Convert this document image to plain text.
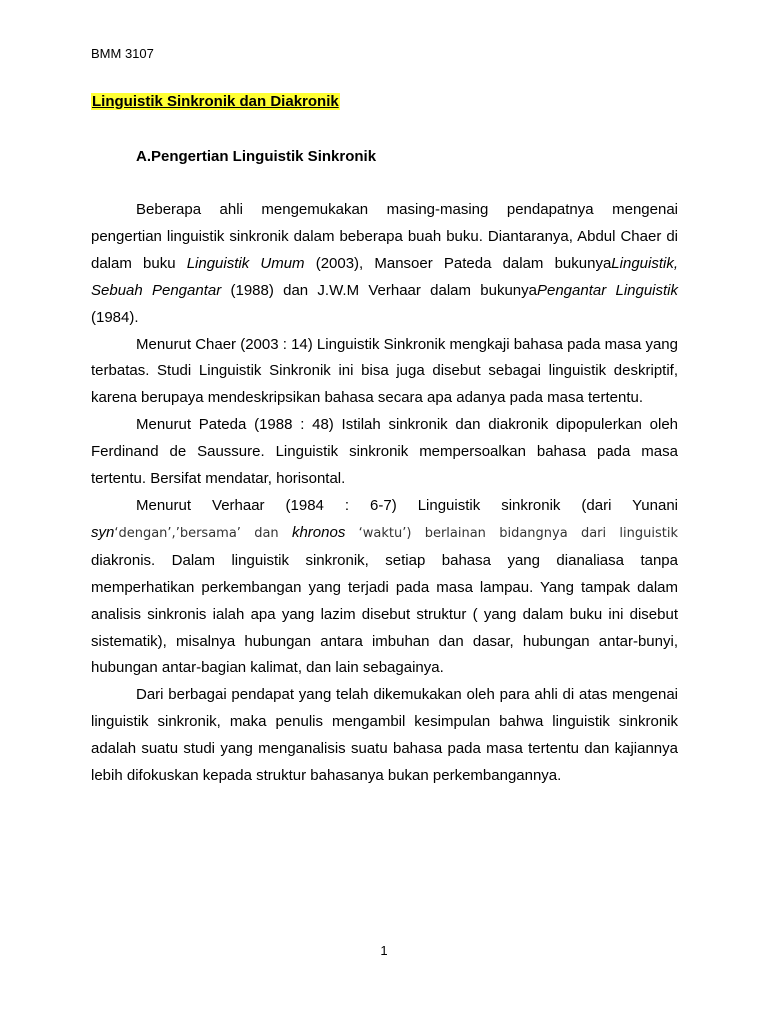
BMM 3107
Linguistik Sinkronik dan Diakronik
A.Pengertian Linguistik Sinkronik

Beberapa ahli mengemukakan masing-masing pendapatnya mengenai pengertian linguistik sinkronik dalam beberapa buah buku. Diantaranya, Abdul Chaer di dalam buku Linguistik Umum (2003), Mansoer Pateda dalam bukunyaLinguistik, Sebuah Pengantar (1988) dan J.W.M Verhaar dalam bukunyaPengantar Linguistik (1984).

Menurut Chaer (2003 : 14) Linguistik Sinkronik mengkaji bahasa pada masa yang terbatas. Studi Linguistik Sinkronik ini bisa juga disebut sebagai linguistik deskriptif, karena berupaya mendeskripsikan bahasa secara apa adanya pada masa tertentu.

Menurut Pateda (1988 : 48) Istilah sinkronik dan diakronik dipopulerkan oleh Ferdinand de Saussure. Linguistik sinkronik mempersoalkan bahasa pada masa tertentu. Bersifat mendatar, horisontal.

Menurut Verhaar (1984 : 6-7) Linguistik sinkronik (dari Yunani syn‘dengan’,’bersama’ dan khronos ‘waktu’) berlainan bidangnya dari linguistik diakronis. Dalam linguistik sinkronik, setiap bahasa yang dianaliasa tanpa memperhatikan perkembangan yang terjadi pada masa lampau. Yang tampak dalam analisis sinkronis ialah apa yang lazim disebut struktur ( yang dalam buku ini disebut sistematik), misalnya hubungan antara imbuhan dan dasar, hubungan antar-bunyi, hubungan antar-bagian kalimat, dan lain sebagainya.

Dari berbagai pendapat yang telah dikemukakan oleh para ahli di atas mengenai linguistik sinkronik, maka penulis mengambil kesimpulan bahwa linguistik sinkronik adalah suatu studi yang menganalisis suatu bahasa pada masa tertentu dan kajiannya lebih difokuskan kepada struktur bahasanya bukan perkembangannya.

1
